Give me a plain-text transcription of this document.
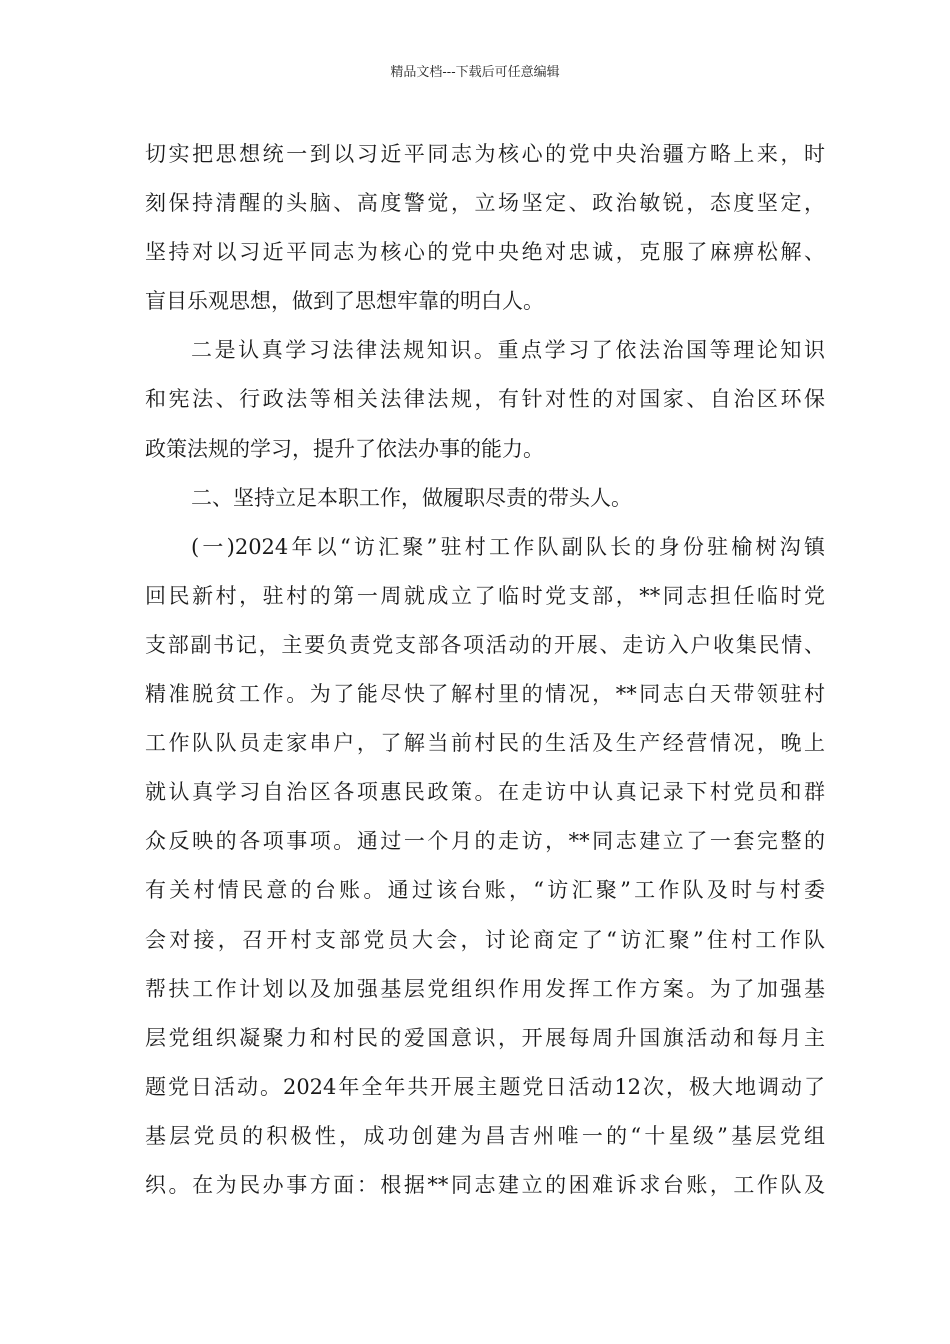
精品文档---下载后可任意编辑
切实把思想统一到以习近平同志为核心的党中央治疆方略上来，时
刻保持清醒的头脑、高度警觉，立场坚定、政治敏锐，态度坚定，
坚持对以习近平同志为核心的党中央绝对忠诚，克服了麻痹松解、
盲目乐观思想，做到了思想牢靠的明白人。
二是认真学习法律法规知识。重点学习了依法治国等理论知识
和宪法、行政法等相关法律法规，有针对性的对国家、自治区环保
政策法规的学习，提升了依法办事的能力。
二、坚持立足本职工作，做履职尽责的带头人。
(一)2024年以“访汇聚”驻村工作队副队长的身份驻榆树沟镇
回民新村，驻村的第一周就成立了临时党支部，**同志担任临时党
支部副书记，主要负责党支部各项活动的开展、走访入户收集民情、
精准脱贫工作。为了能尽快了解村里的情况，**同志白天带领驻村
工作队队员走家串户，了解当前村民的生活及生产经营情况，晚上
就认真学习自治区各项惠民政策。在走访中认真记录下村党员和群
众反映的各项事项。通过一个月的走访，**同志建立了一套完整的
有关村情民意的台账。通过该台账，“访汇聚”工作队及时与村委
会对接，召开村支部党员大会，讨论商定了“访汇聚”住村工作队
帮扶工作计划以及加强基层党组织作用发挥工作方案。为了加强基
层党组织凝聚力和村民的爱国意识，开展每周升国旗活动和每月主
题党日活动。2024年全年共开展主题党日活动12次，极大地调动了
基层党员的积极性，成功创建为昌吉州唯一的“十星级”基层党组
织。在为民办事方面：根据**同志建立的困难诉求台账，工作队及
